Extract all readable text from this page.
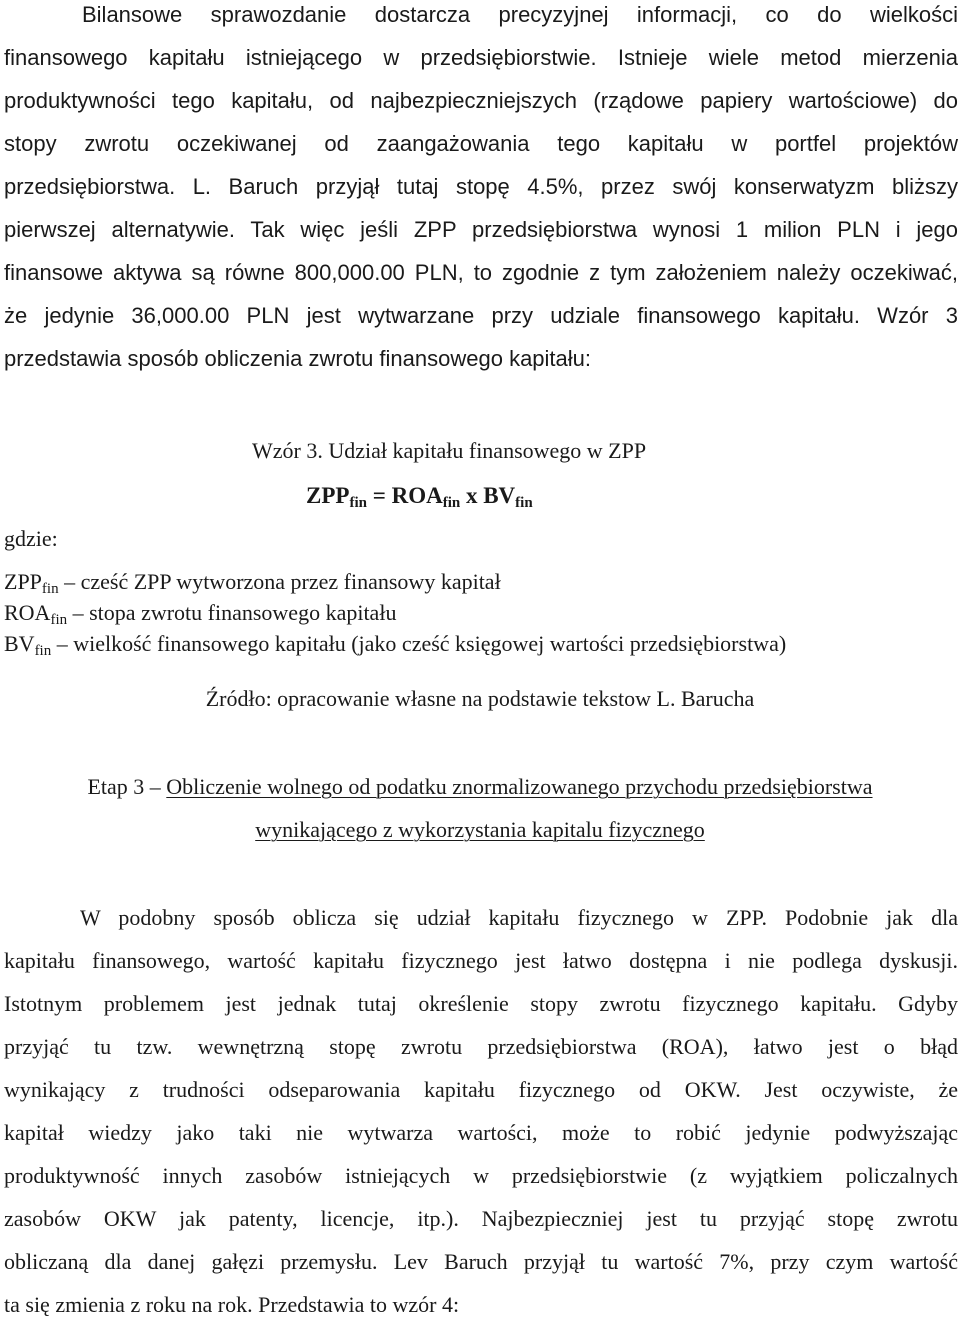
Bilansowe sprawozdanie dostarcza precyzyjnej informacji, co do wielkości
finansowego kapitału istniejącego w przedsiębiorstwie. Istnieje wiele metod mierzenia
produktywności tego kapitału, od najbezpieczniejszych (rządowe papiery wartościowe) do
stopy zwrotu oczekiwanej od zaangażowania tego kapitału w portfel projektów
przedsiębiorstwa. L. Baruch przyjął tutaj stopę 4.5%, przez swój konserwatyzm bliższy
pierwszej alternatywie. Tak więc jeśli ZPP przedsiębiorstwa wynosi 1 milion PLN i jego
finansowe aktywa są równe 800,000.00 PLN, to zgodnie z tym założeniem należy oczekiwać,
że jedynie 36,000.00 PLN jest wytwarzane przy udziale finansowego kapitału. Wzór 3
przedstawia sposób obliczenia zwrotu finansowego kapitału:
Wzór 3. Udział kapitału finansowego w ZPP
$ZPP_{fin} = ROA_{fin}$ x $BV_{fin}$
gdzie:
$ZPP_{fin}$ – cześć ZPP wytworzona przez finansowy kapitał
$ROA_{fin}$ – stopa zwrotu finansowego kapitału
$BV_{fin}$ – wielkość finansowego kapitału (jako cześć księgowej wartości przedsiębiorstwa)
Źródło: opracowanie własne na podstawie tekstow L. Barucha
Etap 3 – Obliczenie wolnego od podatku znormalizowanego przychodu przedsiębiorstwa
wynikającego z wykorzystania kapitalu fizycznego
W podobny sposób oblicza się udział kapitału fizycznego w ZPP. Podobnie jak dla
kapitału finansowego, wartość kapitału fizycznego jest łatwo dostępna i nie podlega dyskusji.
Istotnym problemem jest jednak tutaj określenie stopy zwrotu fizycznego kapitału. Gdyby
przyjąć tu tzw. wewnętrzną stopę zwrotu przedsiębiorstwa (ROA), łatwo jest o błąd
wynikający z trudności odseparowania kapitału fizycznego od OKW. Jest oczywiste, że
kapitał wiedzy jako taki nie wytwarza wartości, może to robić jedynie podwyższając
produktywność innych zasobów istniejących w przedsiębiorstwie (z wyjątkiem policzalnych
zasobów OKW jak patenty, licencje, itp.). Najbezpieczniej jest tu przyjąć stopę zwrotu
obliczaną dla danej gałęzi przemysłu. Lev Baruch przyjął tu wartość 7%, przy czym wartość
ta się zmienia z roku na rok. Przedstawia to wzór 4:
